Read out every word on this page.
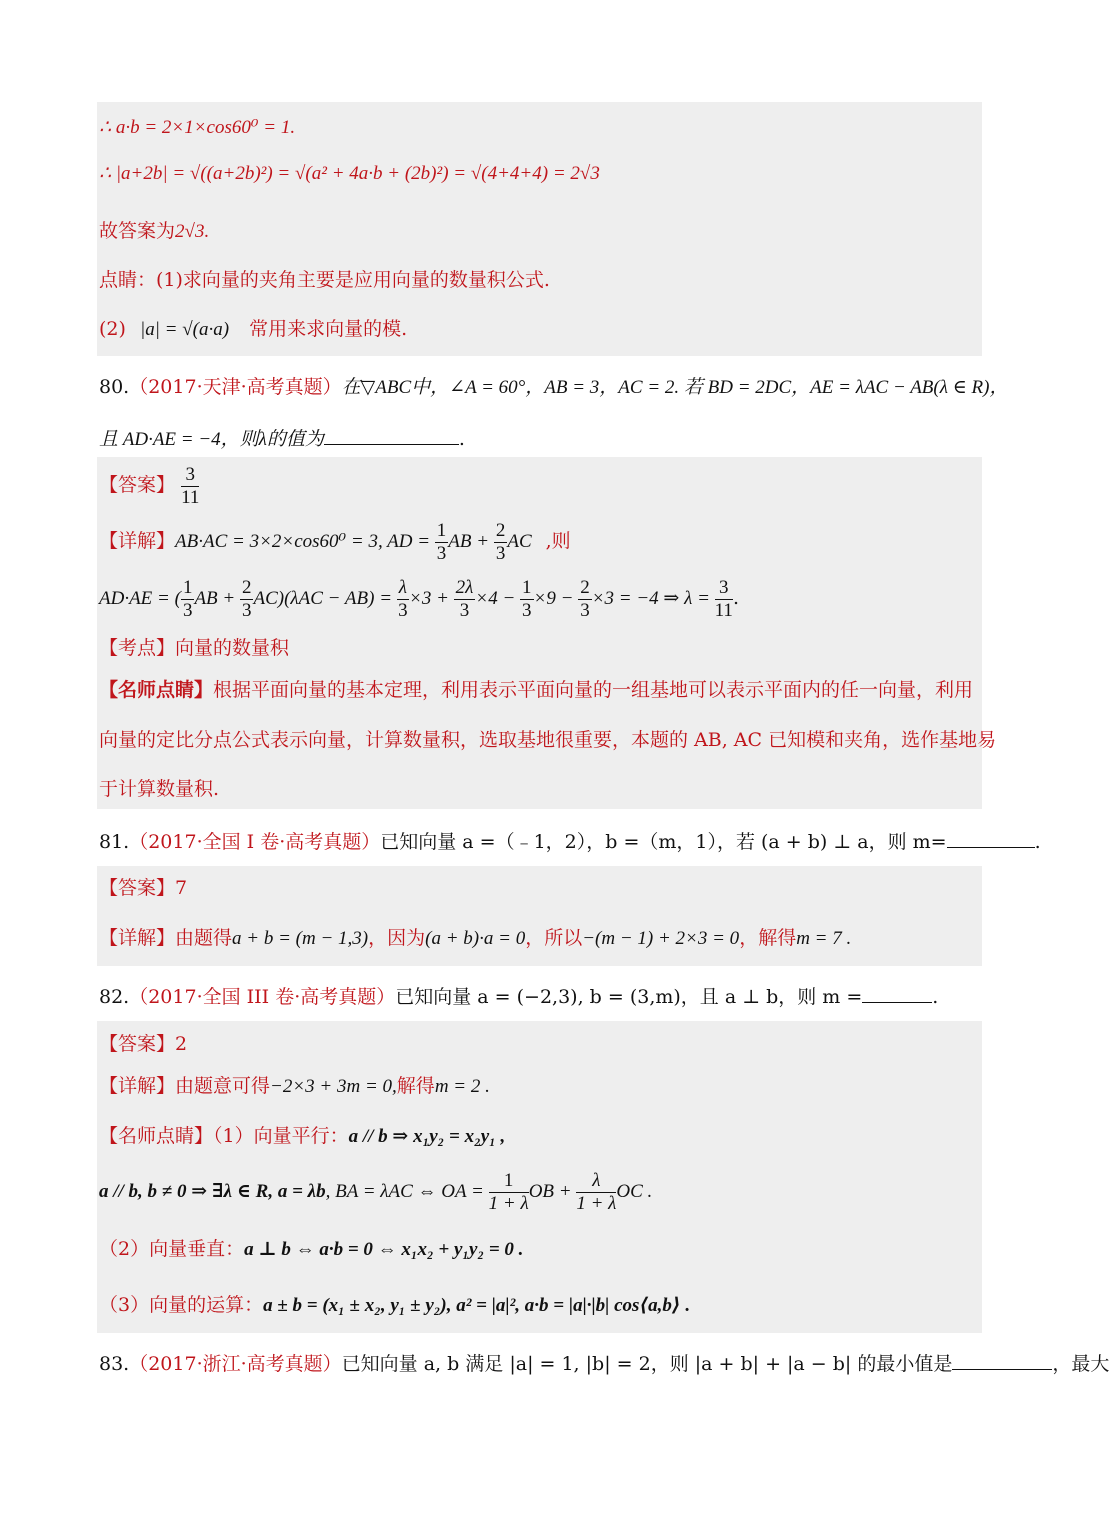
∴ a·b = 2×1×cos60⁰ = 1.
∴ |a+2b| = √((a+2b)²) = √(a² + 4a·b + (2b)²) = √(4+4+4) = 2√3
故答案为2√3.
点睛：(1)求向量的夹角主要是应用向量的数量积公式.
(2) |a| = √(a·a) 常用来求向量的模.
80.（2017·天津·高考真题）在▽ABC中，∠A = 60°，AB = 3，AC = 2. 若 BD = 2DC，AE = λAC − AB(λ ∈ R)，
且 AD·AE = −4，则λ的值为	.
【答案】 $\frac{3}{11}$
【详解】AB·AC = 3×2×cos60⁰ = 3, AD = $\frac{1}{3}$ AB + $\frac{2}{3}$ AC ,则
AD·AE = ( $\frac{1}{3}$ AB + $\frac{2}{3} AC)(\lambda AC - AB) = \frac{\lambda}{3} \times 3 + \frac{2\lambda}{3} \times 4 - \frac{1}{3} \times 9 - \frac{2}{3} \times 3 = -4$ ⇒ $\lambda = \frac{3}{11}$ .
【考点】向量的数量积
【名师点睛】根据平面向量的基本定理，利用表示平面向量的一组基地可以表示平面内的任一向量，利用
向量的定比分点公式表示向量，计算数量积，选取基地很重要，本题的 AB, AC 已知模和夹角，选作基地易
于计算数量积.
81.（2017·全国 I 卷·高考真题）已知向量 a =（﹣1，2），b =（m，1），若 (a + b) ⊥ a，则 m=	.
【答案】7
【详解】由题得a + b = (m − 1,3)，因为(a + b)·a = 0，所以−(m − 1) + 2×3 = 0，解得m = 7 .
82.（2017·全国 III 卷·高考真题）已知向量 a = (−2,3), b = (3,m)，且 a ⊥ b，则 m =	.
【答案】2
【详解】由题意可得−2×3 + 3m = 0,解得m = 2 .
【名师点睛】（1）向量平行：a // b ⇒ x₁y₂ = x₂y₁ ,
a // b, b ≠ 0 ⇒ ∃λ ∈ R, a = λb, BA = λAC ⇔ OA = $\frac{1}{1 + \lambda}$ OB + $\frac{\lambda}{1 + \lambda}$ OC .
（2）向量垂直：a ⊥ b ⇔ a·b = 0 ⇔ x₁x₂ + y₁y₂ = 0 .
（3）向量的运算：a ± b = (x₁ ± x₂, y₁ ± y₂), a² = |a|², a·b = |a|·|b| cos⟨a,b⟩ .
83.（2017·浙江·高考真题）已知向量 a, b 满足 |a| = 1, |b| = 2，则 |a + b| + |a − b| 的最小值是	，最大
